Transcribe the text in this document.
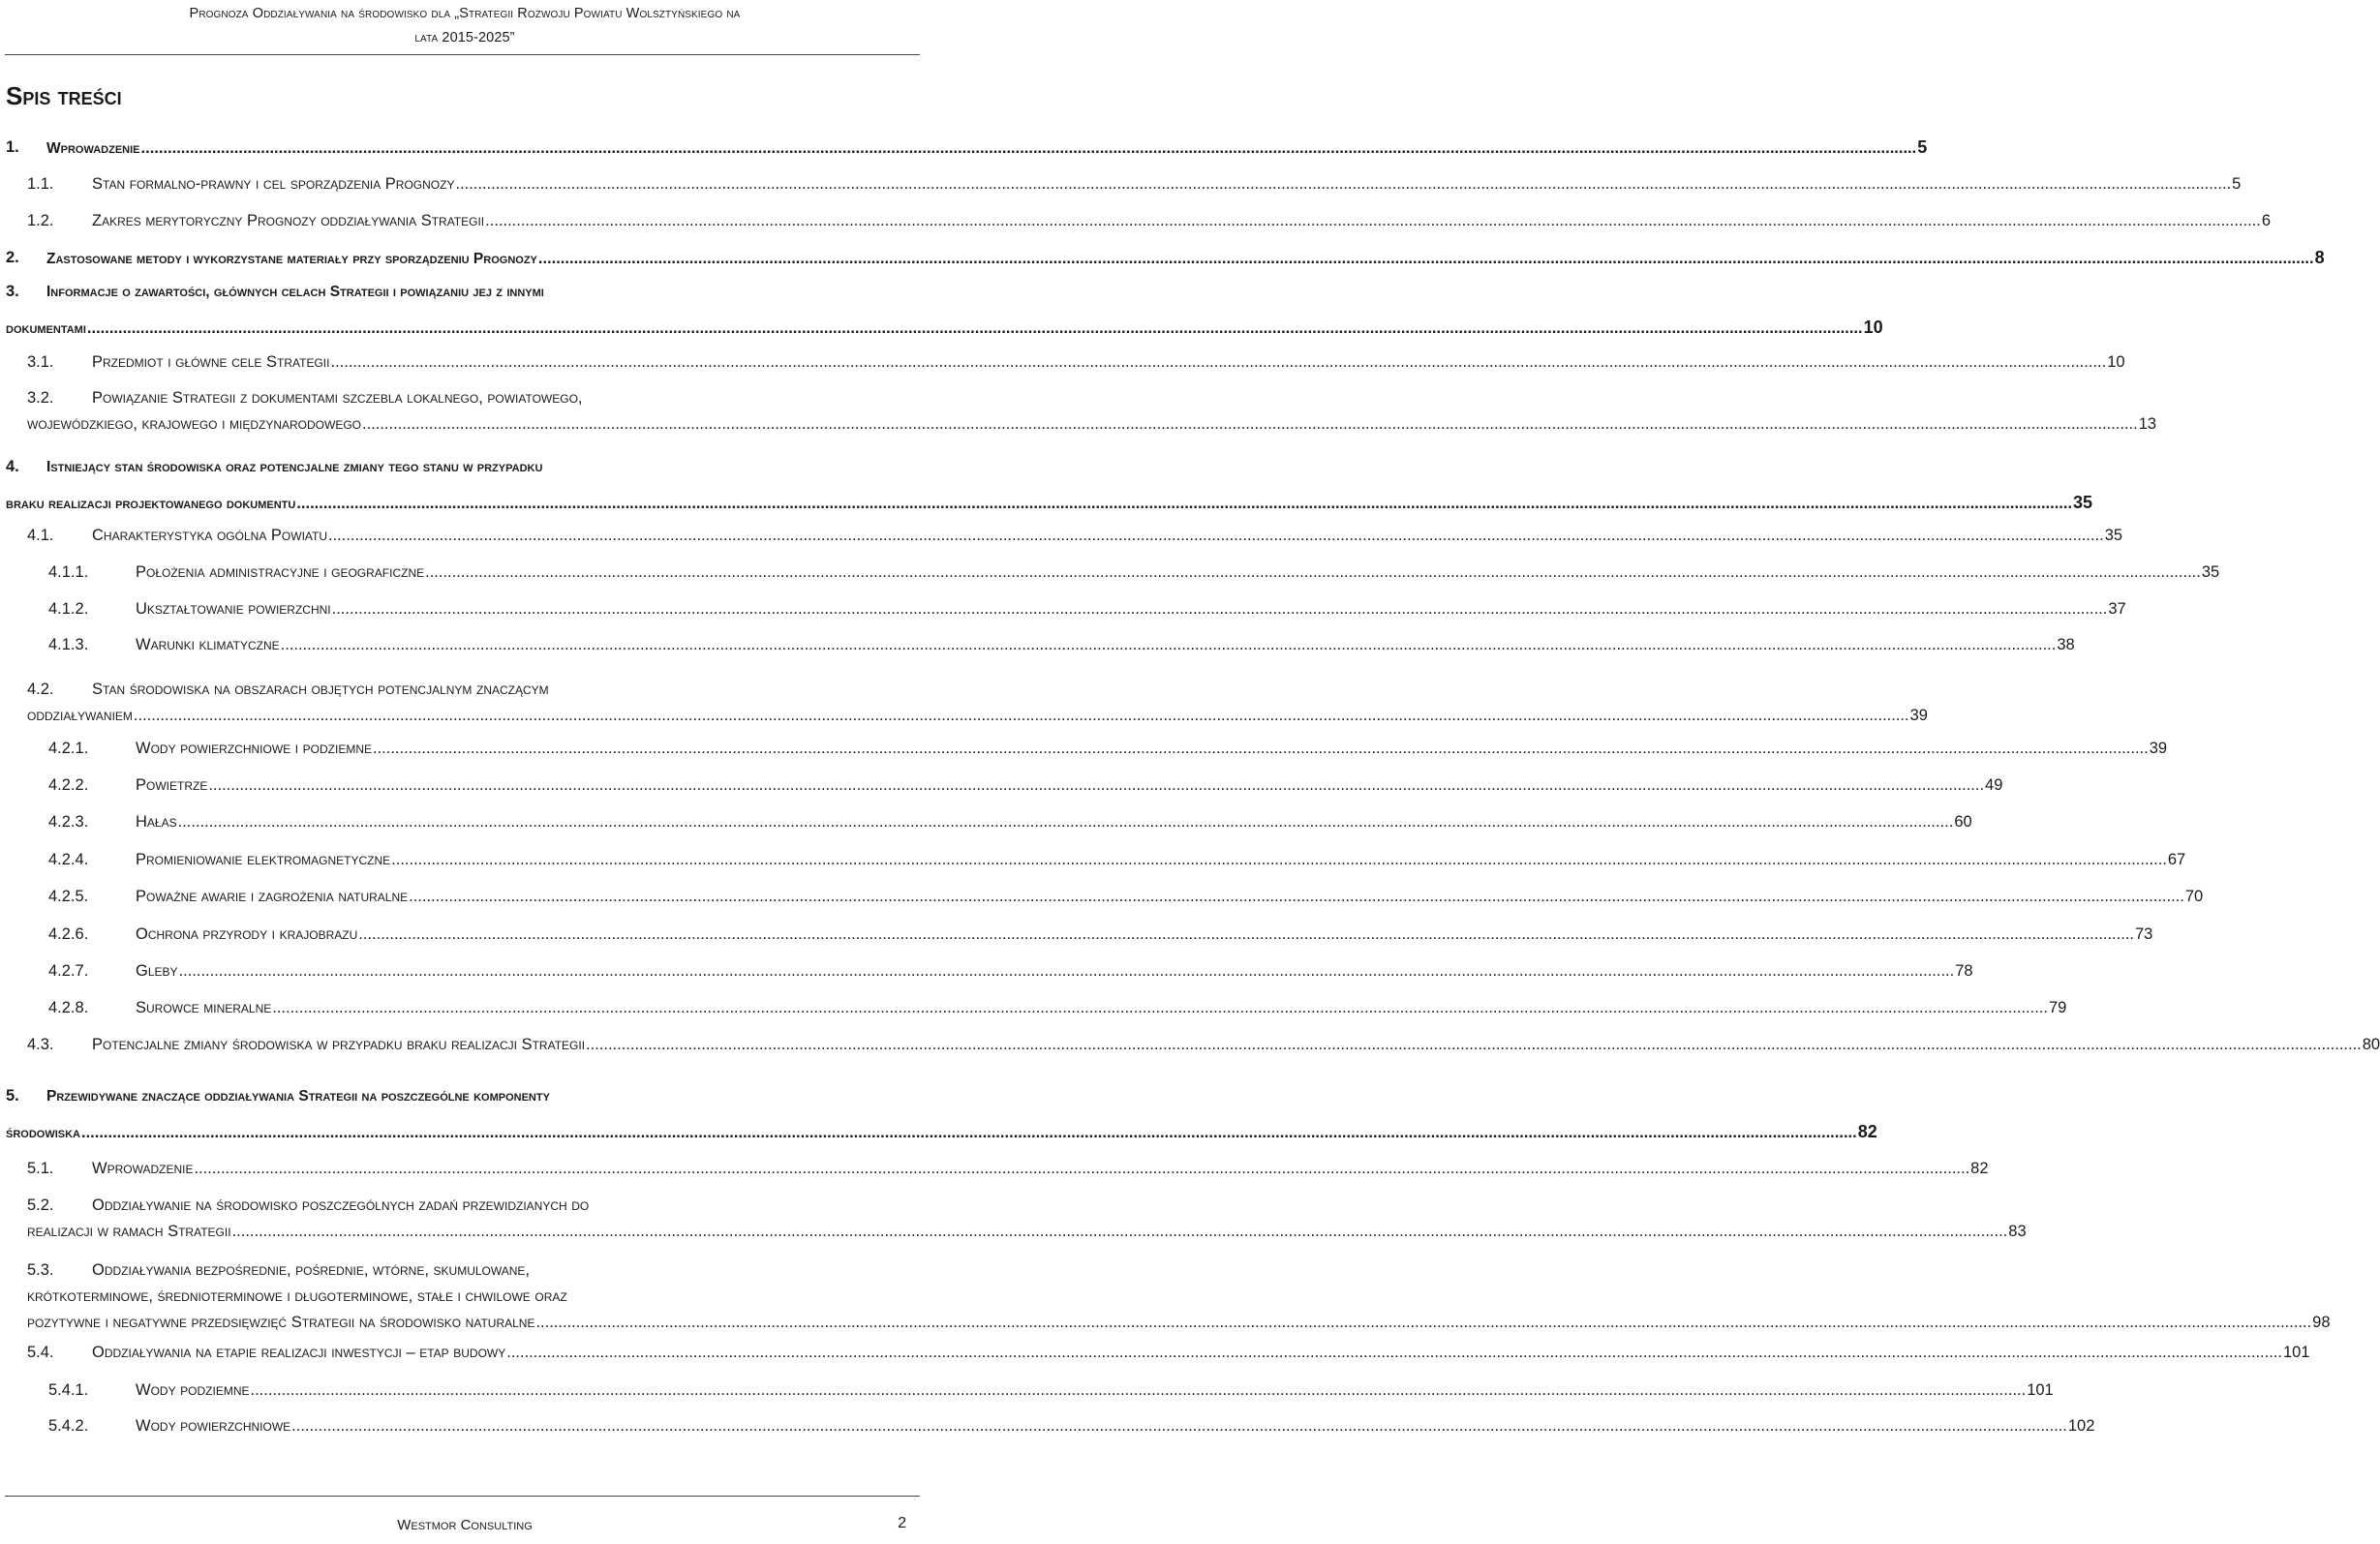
Prognoza Oddziaływania na środowisko dla „Strategii Rozwoju Powiatu Wolsztyńskiego na
lata 2015-2025”
Spis treści
1. Wprowadzenie ................................................................................................................................................................................................................................................................................................................................................................................................................ 5
1.1. Stan formalno-prawny i cel sporządzenia Prognozy ................................................................................................................................................................................................................................................................................................................................................................................................................ 5
1.2. Zakres merytoryczny Prognozy oddziaływania Strategii ................................................................................................................................................................................................................................................................................................................................................................................................................ 6
2. Zastosowane metody i wykorzystane materiały przy sporządzeniu Prognozy ................................................................................................................................................................................................................................................................................................................................................................................................................ 8
3. Informacje o zawartości, głównych celach Strategii i powiązaniu jej z innymi
dokumentami ................................................................................................................................................................................................................................................................................................................................................................................................................ 10
3.1. Przedmiot i główne cele Strategii ................................................................................................................................................................................................................................................................................................................................................................................................................ 10
3.2. Powiązanie Strategii z dokumentami szczebla lokalnego, powiatowego,
wojewódzkiego, krajowego i międzynarodowego ................................................................................................................................................................................................................................................................................................................................................................................................................ 13
4. Istniejący stan środowiska oraz potencjalne zmiany tego stanu w przypadku
braku realizacji projektowanego dokumentu ................................................................................................................................................................................................................................................................................................................................................................................................................ 35
4.1. Charakterystyka ogólna Powiatu ................................................................................................................................................................................................................................................................................................................................................................................................................ 35
4.1.1.	Położenia administracyjne i geograficzne ................................................................................................................................................................................................................................................................................................................................................................................................................ 35
4.1.2.	Ukształtowanie powierzchni ................................................................................................................................................................................................................................................................................................................................................................................................................ 37
4.1.3.	Warunki klimatyczne ................................................................................................................................................................................................................................................................................................................................................................................................................ 38
4.2. Stan środowiska na obszarach objętych potencjalnym znaczącym
oddziaływaniem ................................................................................................................................................................................................................................................................................................................................................................................................................ 39
4.2.1.	Wody powierzchniowe i podziemne ................................................................................................................................................................................................................................................................................................................................................................................................................ 39
4.2.2.	Powietrze ................................................................................................................................................................................................................................................................................................................................................................................................................ 49
4.2.3.	Hałas ................................................................................................................................................................................................................................................................................................................................................................................................................ 60
4.2.4.	Promieniowanie elektromagnetyczne ................................................................................................................................................................................................................................................................................................................................................................................................................ 67
4.2.5.	Poważne awarie i zagrożenia naturalne ................................................................................................................................................................................................................................................................................................................................................................................................................ 70
4.2.6.	Ochrona przyrody i krajobrazu ................................................................................................................................................................................................................................................................................................................................................................................................................ 73
4.2.7.	Gleby ................................................................................................................................................................................................................................................................................................................................................................................................................ 78
4.2.8.	Surowce mineralne ................................................................................................................................................................................................................................................................................................................................................................................................................ 79
4.3. Potencjalne zmiany środowiska w przypadku braku realizacji Strategii ................................................................................................................................................................................................................................................................................................................................................................................................................ 80
5. Przewidywane znaczące oddziaływania Strategii na poszczególne komponenty
środowiska ................................................................................................................................................................................................................................................................................................................................................................................................................ 82
5.1. Wprowadzenie ................................................................................................................................................................................................................................................................................................................................................................................................................ 82
5.2. Oddziaływanie na środowisko poszczególnych zadań przewidzianych do
realizacji w ramach Strategii ................................................................................................................................................................................................................................................................................................................................................................................................................ 83
5.3. Oddziaływania bezpośrednie, pośrednie, wtórne, skumulowane,
krótkoterminowe, średnioterminowe i długoterminowe, stałe i chwilowe oraz
pozytywne i negatywne przedsięwzięć Strategii na środowisko naturalne ................................................................................................................................................................................................................................................................................................................................................................................................................ 98
5.4. Oddziaływania na etapie realizacji inwestycji – etap budowy ................................................................................................................................................................................................................................................................................................................................................................................................................ 101
5.4.1.	Wody podziemne ................................................................................................................................................................................................................................................................................................................................................................................................................ 101
5.4.2.	Wody powierzchniowe ................................................................................................................................................................................................................................................................................................................................................................................................................ 102
Westmor Consulting	2
